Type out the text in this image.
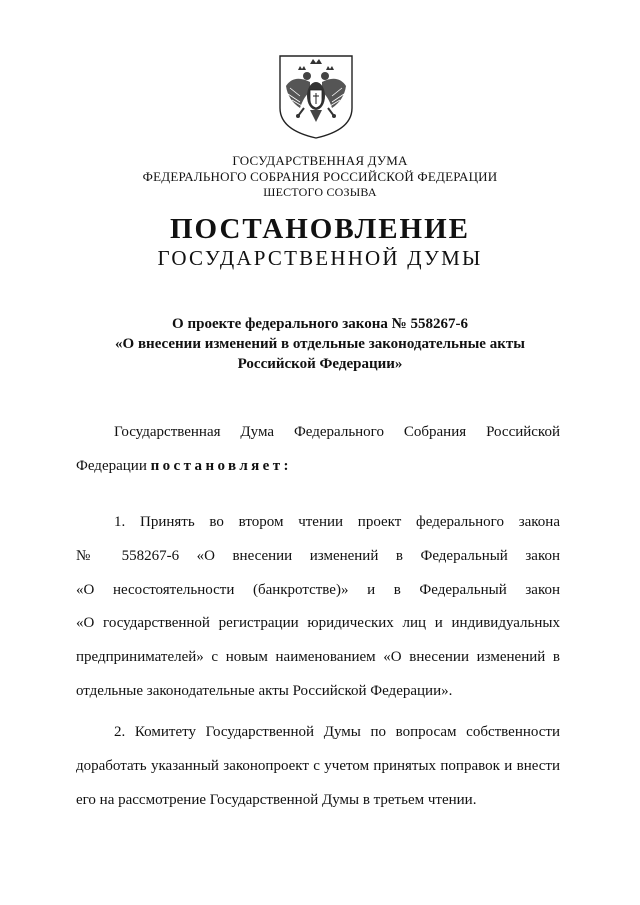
ГОСУДАРСТВЕННАЯ ДУМА
ФЕДЕРАЛЬНОГО СОБРАНИЯ РОССИЙСКОЙ ФЕДЕРАЦИИ
ШЕСТОГО СОЗЫВА
ПОСТАНОВЛЕНИЕ
ГОСУДАРСТВЕННОЙ ДУМЫ
О проекте федерального закона № 558267-6
«О внесении изменений в отдельные законодательные акты
Российской Федерации»
Государственная Дума Федерального Собрания Российской
Федерации постановляет:
1. Принять во втором чтении проект федерального закона
№ 558267-6 «О внесении изменений в Федеральный закон
«О несостоятельности (банкротстве)» и в Федеральный закон
«О государственной регистрации юридических лиц и индивидуальных
предпринимателей» с новым наименованием «О внесении изменений в
отдельные законодательные акты Российской Федерации».
2. Комитету Государственной Думы по вопросам собственности
доработать указанный законопроект с учетом принятых поправок и внести
его на рассмотрение Государственной Думы в третьем чтении.
